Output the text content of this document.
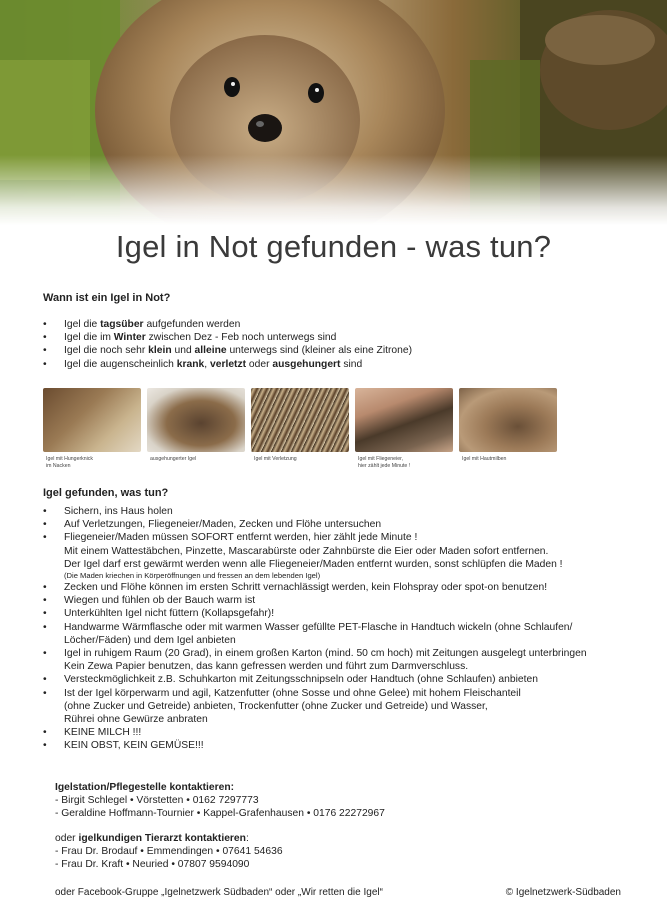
Igel in Not gefunden - was tun?
Wann ist ein Igel in Not?
• Igel die tagsüber aufgefunden werden
• Igel die im Winter zwischen Dez - Feb noch unterwegs sind
• Igel die noch sehr klein und alleine unterwegs sind (kleiner als eine Zitrone)
• Igel die augenscheinlich krank, verletzt oder ausgehungert sind
Igel mit Hungerknick
im Nacken
ausgehungerter Igel	Igel mit Verletzung	Igel mit Fliegeneier,
hier zählt jede Minute !
Igel mit Hautmilben
Igel gefunden, was tun?
• Sichern, ins Haus holen
• Auf Verletzungen, Fliegeneier/Maden, Zecken und Flöhe untersuchen
• Fliegeneier/Maden müssen SOFORT entfernt werden, hier zählt jede Minute !
Mit einem Wattestäbchen, Pinzette, Mascarabürste oder Zahnbürste die Eier oder Maden sofort entfernen.
Der Igel darf erst gewärmt werden wenn alle Fliegeneier/Maden entfernt wurden, sonst schlüpfen die Maden !
(Die Maden kriechen in Körperöffnungen und fressen an dem lebenden Igel)
• Zecken und Flöhe können im ersten Schritt vernachlässigt werden, kein Flohspray oder spot-on benutzen!
• Wiegen und fühlen ob der Bauch warm ist
• Unterkühlten Igel nicht füttern (Kollapsgefahr)!
• Handwarme Wärmflasche oder mit warmen Wasser gefüllte PET-Flasche in Handtuch wickeln (ohne Schlaufen/
Löcher/Fäden) und dem Igel anbieten
• Igel in ruhigem Raum (20 Grad), in einem großen Karton (mind. 50 cm hoch) mit Zeitungen ausgelegt unterbringen
Kein Zewa Papier benutzen, das kann gefressen werden und führt zum Darmverschluss.
• Versteckmöglichkeit z.B. Schuhkarton mit Zeitungsschnipseln oder Handtuch (ohne Schlaufen) anbieten
• Ist der Igel körperwarm und agil, Katzenfutter (ohne Sosse und ohne Gelee) mit hohem Fleischanteil
(ohne Zucker und Getreide) anbieten, Trockenfutter (ohne Zucker und Getreide) und Wasser,
Rührei ohne Gewürze anbraten
• KEINE MILCH !!!
• KEIN OBST, KEIN GEMÜSE!!!
Igelstation/Pflegestelle kontaktieren:
- Birgit Schlegel • Vörstetten • 0162 7297773
- Geraldine Hoffmann-Tournier • Kappel-Grafenhausen • 0176 22272967
oder igelkundigen Tierarzt kontaktieren:
- Frau Dr. Brodauf • Emmendingen • 07641 54636
- Frau Dr. Kraft • Neuried • 07807 9594090
oder Facebook-Gruppe „Igelnetzwerk Südbaden“ oder „Wir retten die Igel“	© Igelnetzwerk-Südbaden
